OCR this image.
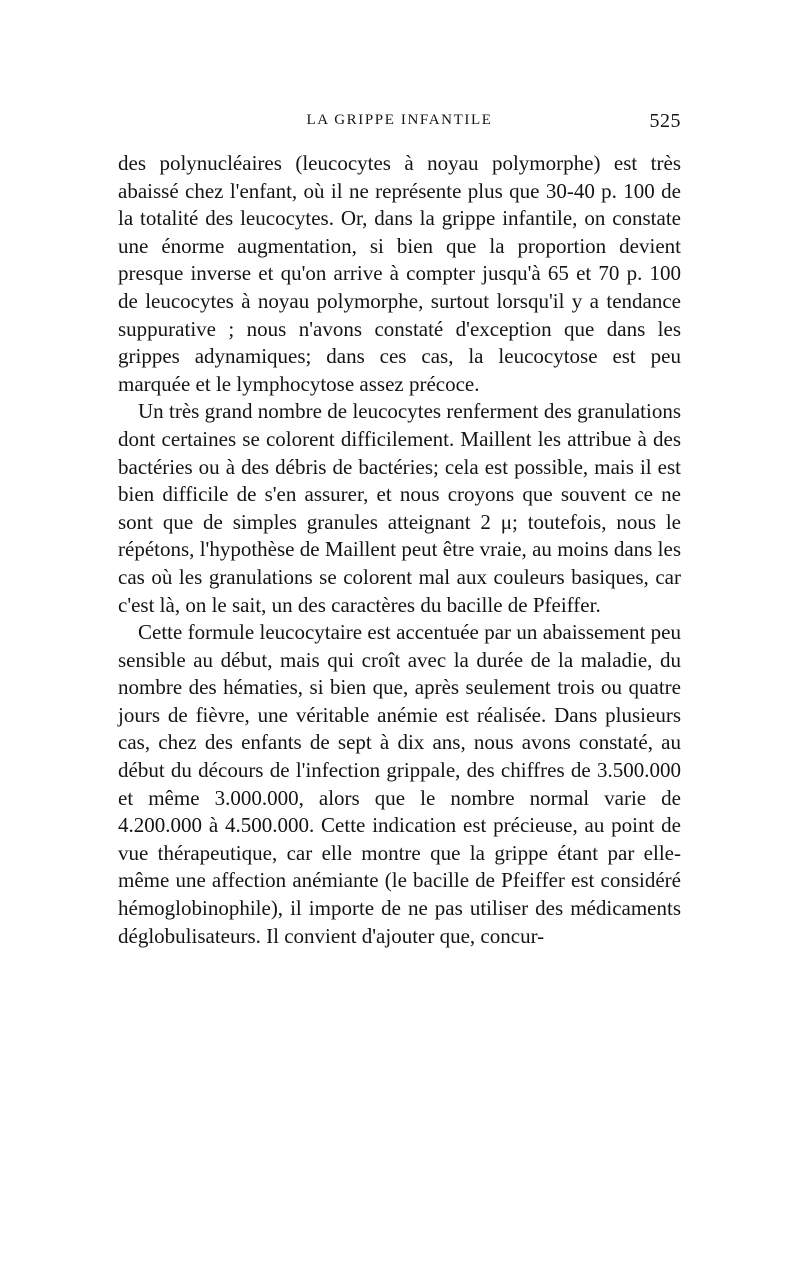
LA GRIPPE INFANTILE	525

des polynucléaires (leucocytes à noyau polymorphe) est très abaissé chez l'enfant, où il ne représente plus que 30-40 p. 100 de la totalité des leucocytes. Or, dans la grippe infantile, on constate une énorme augmentation, si bien que la proportion devient presque inverse et qu'on arrive à compter jusqu'à 65 et 70 p. 100 de leucocytes à noyau polymorphe, surtout lorsqu'il y a tendance suppurative ; nous n'avons constaté d'exception que dans les grippes adynamiques; dans ces cas, la leucocytose est peu marquée et le lymphocytose assez précoce.

Un très grand nombre de leucocytes renferment des granulations dont certaines se colorent difficilement. Maillent les attribue à des bactéries ou à des débris de bactéries; cela est possible, mais il est bien difficile de s'en assurer, et nous croyons que souvent ce ne sont que de simples granules atteignant 2 μ; toutefois, nous le répétons, l'hypothèse de Maillent peut être vraie, au moins dans les cas où les granulations se colorent mal aux couleurs basiques, car c'est là, on le sait, un des caractères du bacille de Pfeiffer.

Cette formule leucocytaire est accentuée par un abaissement peu sensible au début, mais qui croît avec la durée de la maladie, du nombre des hématies, si bien que, après seulement trois ou quatre jours de fièvre, une véritable anémie est réalisée. Dans plusieurs cas, chez des enfants de sept à dix ans, nous avons constaté, au début du décours de l'infection grippale, des chiffres de 3.500.000 et même 3.000.000, alors que le nombre normal varie de 4.200.000 à 4.500.000. Cette indication est précieuse, au point de vue thérapeutique, car elle montre que la grippe étant par elle-même une affection anémiante (le bacille de Pfeiffer est considéré hémoglobinophile), il importe de ne pas utiliser des médicaments déglobulisateurs. Il convient d'ajouter que, concur-
